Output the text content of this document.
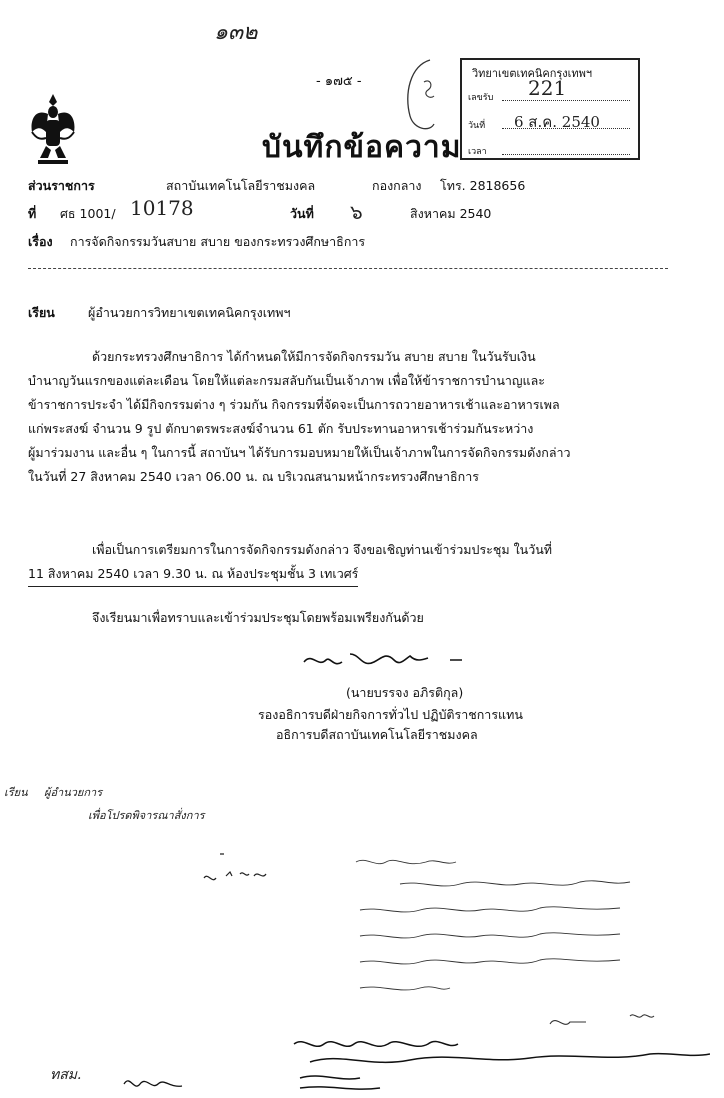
๑๓๒
- ๑๗๕ -
วิทยาเขตเทคนิคกรุงเทพฯ
เลขรับ 221
วันที่ 6 ส.ค. 2540
เวลา
บันทึกข้อความ
ส่วนราชการ	สถาบันเทคโนโลยีราชมงคล	กองกลาง โทร. 2818656
ที่ ศธ 1001/ 10178	วันที่ ๖	สิงหาคม 2540
เรื่อง การจัดกิจกรรมวันสบาย สบาย ของกระทรวงศึกษาธิการ
เรียน	ผู้อำนวยการวิทยาเขตเทคนิคกรุงเทพฯ
ด้วยกระทรวงศึกษาธิการ ได้กำหนดให้มีการจัดกิจกรรมวัน สบาย สบาย ในวันรับเงิน
บำนาญวันแรกของแต่ละเดือน โดยให้แต่ละกรมสลับกันเป็นเจ้าภาพ เพื่อให้ข้าราชการบำนาญและ
ข้าราชการประจำ ได้มีกิจกรรมต่าง ๆ ร่วมกัน กิจกรรมที่จัดจะเป็นการถวายอาหารเช้าและอาหารเพล
แก่พระสงฆ์ จำนวน 9 รูป ตักบาตรพระสงฆ์จำนวน 61 ตัก รับประทานอาหารเช้าร่วมกันระหว่าง
ผู้มาร่วมงาน และอื่น ๆ ในการนี้ สถาบันฯ ได้รับการมอบหมายให้เป็นเจ้าภาพในการจัดกิจกรรมดังกล่าว
ในวันที่ 27 สิงหาคม 2540 เวลา 06.00 น. ณ บริเวณสนามหน้ากระทรวงศึกษาธิการ
เพื่อเป็นการเตรียมการในการจัดกิจกรรมดังกล่าว จึงขอเชิญท่านเข้าร่วมประชุม ในวันที่
11 สิงหาคม 2540 เวลา 9.30 น. ณ ห้องประชุมชั้น 3 เทเวศร์
จึงเรียนมาเพื่อทราบและเข้าร่วมประชุมโดยพร้อมเพรียงกันด้วย
(นายบรรจง อภิรติกุล)
รองอธิการบดีฝ่ายกิจการทั่วไป ปฏิบัติราชการแทน
อธิการบดีสถาบันเทคโนโลยีราชมงคล
เรียน ผู้อำนวยการ
เพื่อโปรดพิจารณาสั่งการ
ทสม.
